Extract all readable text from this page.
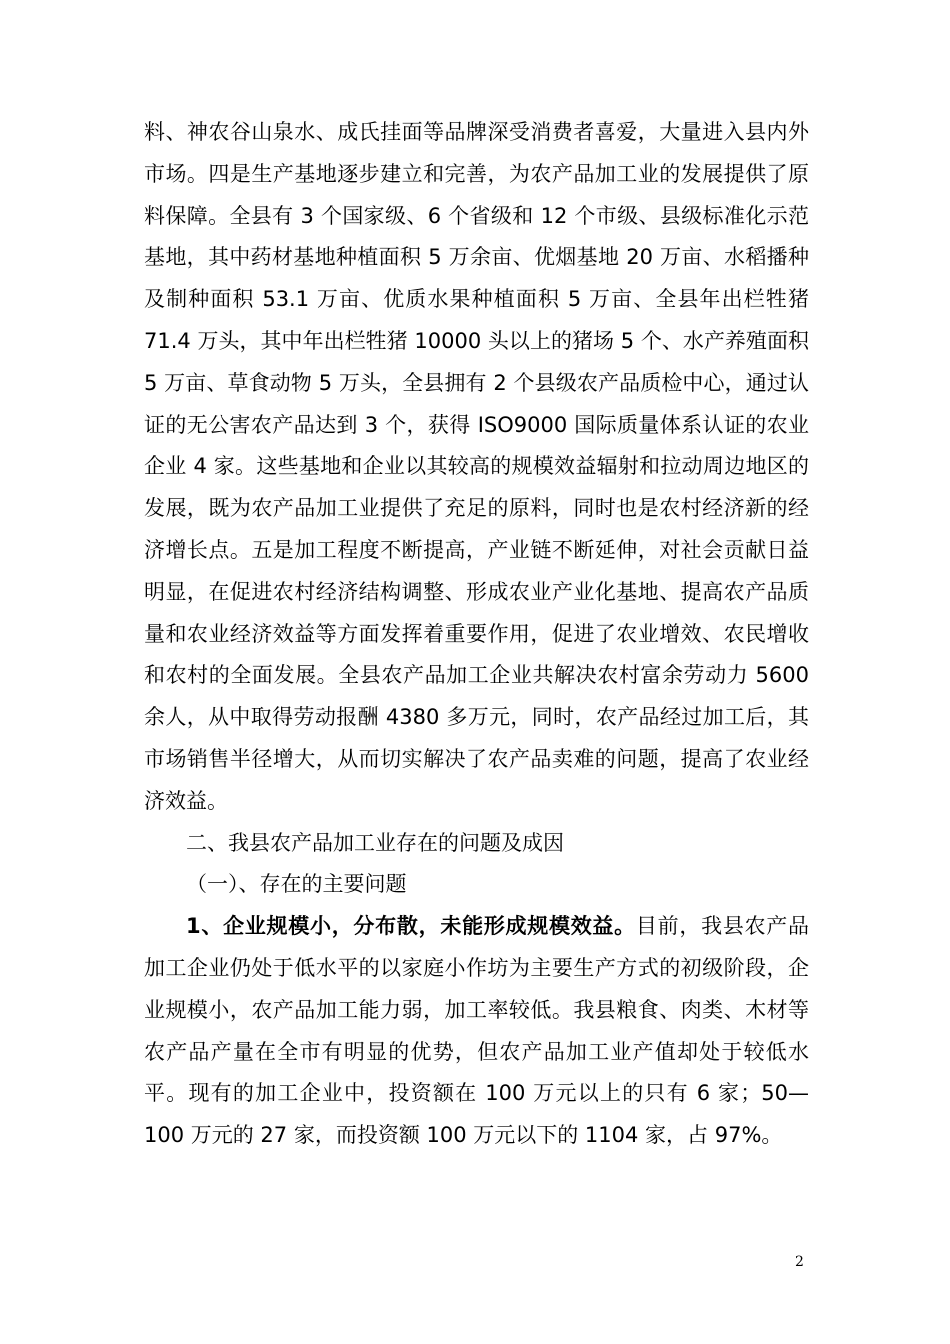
料、神农谷山泉水、成氏挂面等品牌深受消费者喜爱，大量进入县内外市场。四是生产基地逐步建立和完善，为农产品加工业的发展提供了原料保障。全县有 3 个国家级、6 个省级和 12 个市级、县级标准化示范基地，其中药材基地种植面积 5 万余亩、优烟基地 20 万亩、水稻播种及制种面积 53.1 万亩、优质水果种植面积 5 万亩、全县年出栏牲猪 71.4 万头，其中年出栏牲猪 10000 头以上的猪场 5 个、水产养殖面积 5 万亩、草食动物 5 万头，全县拥有 2 个县级农产品质检中心，通过认证的无公害农产品达到 3 个，获得 ISO9000 国际质量体系认证的农业企业 4 家。这些基地和企业以其较高的规模效益辐射和拉动周边地区的发展，既为农产品加工业提供了充足的原料，同时也是农村经济新的经济增长点。五是加工程度不断提高，产业链不断延伸，对社会贡献日益明显，在促进农村经济结构调整、形成农业产业化基地、提高农产品质量和农业经济效益等方面发挥着重要作用，促进了农业增效、农民增收和农村的全面发展。全县农产品加工企业共解决农村富余劳动力 5600 余人，从中取得劳动报酬 4380 多万元，同时，农产品经过加工后，其市场销售半径增大，从而切实解决了农产品卖难的问题，提高了农业经济效益。

二、我县农产品加工业存在的问题及成因

（一）、存在的主要问题

1、企业规模小，分布散，未能形成规模效益。目前，我县农产品加工企业仍处于低水平的以家庭小作坊为主要生产方式的初级阶段，企业规模小，农产品加工能力弱，加工率较低。我县粮食、肉类、木材等农产品产量在全市有明显的优势，但农产品加工业产值却处于较低水平。现有的加工企业中，投资额在 100 万元以上的只有 6 家；50—100 万元的 27 家，而投资额 100 万元以下的 1104 家，占 97%。

2
